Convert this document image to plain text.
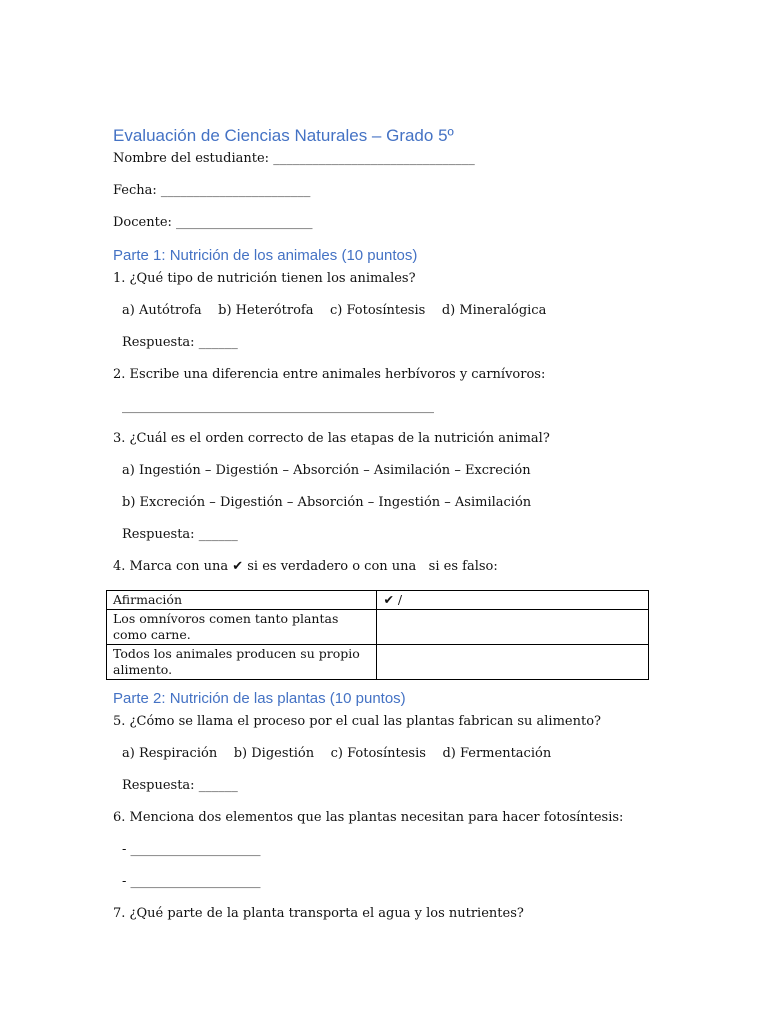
Evaluación de Ciencias Naturales – Grado 5º
Nombre del estudiante: _______________________________
Fecha: _______________________
Docente: _____________________
Parte 1: Nutrición de los animales (10 puntos)
1. ¿Qué tipo de nutrición tienen los animales?
a) Autótrofa    b) Heterótrofa    c) Fotosíntesis    d) Mineralógica
Respuesta: ______
2. Escribe una diferencia entre animales herbívoros y carnívoros:
________________________________________________
3. ¿Cuál es el orden correcto de las etapas de la nutrición animal?
a) Ingestión – Digestión – Absorción – Asimilación – Excreción
b) Excreción – Digestión – Absorción – Ingestión – Asimilación
Respuesta: ______
4. Marca con una ✔ si es verdadero o con una   si es falso:
Afirmación	✔ /
Los omnívoros comen tanto plantas como carne.	
Todos los animales producen su propio alimento.	
Parte 2: Nutrición de las plantas (10 puntos)
5. ¿Cómo se llama el proceso por el cual las plantas fabrican su alimento?
a) Respiración    b) Digestión    c) Fotosíntesis    d) Fermentación
Respuesta: ______
6. Menciona dos elementos que las plantas necesitan para hacer fotosíntesis:
- ____________________
- ____________________
7. ¿Qué parte de la planta transporta el agua y los nutrientes?
